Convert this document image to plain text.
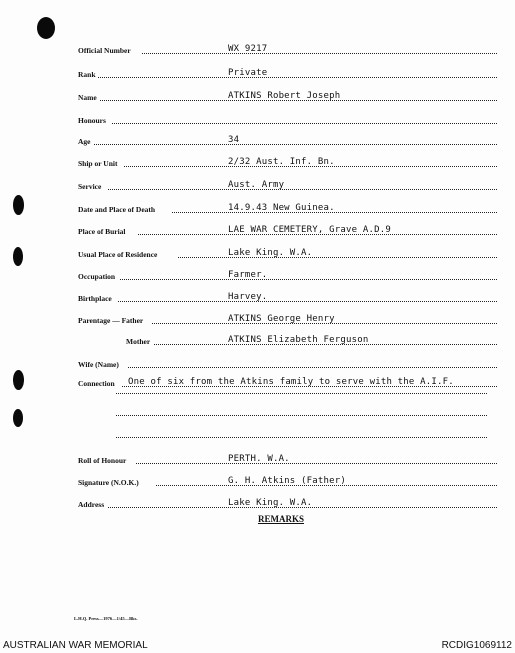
Official Number	WX 9217
Rank	Private
Name	ATKINS Robert Joseph
Honours
Age	34
Ship or Unit	2/32 Aust. Inf. Bn.
Service	Aust. Army
Date and Place of Death	14.9.43 New Guinea.
Place of Burial	LAE WAR CEMETERY, Grave A.D.9
Usual Place of Residence	Lake King. W.A.
Occupation	Farmer.
Birthplace	Harvey.
Parentage — Father	ATKINS George Henry
Mother	ATKINS Elizabeth Ferguson
Wife (Name)
Connection One of six from the Atkins family to serve with the A.I.F.
Roll of Honour	PERTH. W.A.
Signature (N.O.K.)	G. H. Atkins (Father)
Address	Lake King. W.A.
REMARKS
L.H.Q. Press—1976—1/45—Bks.
AUSTRALIAN WAR MEMORIAL	RCDIG1069112
